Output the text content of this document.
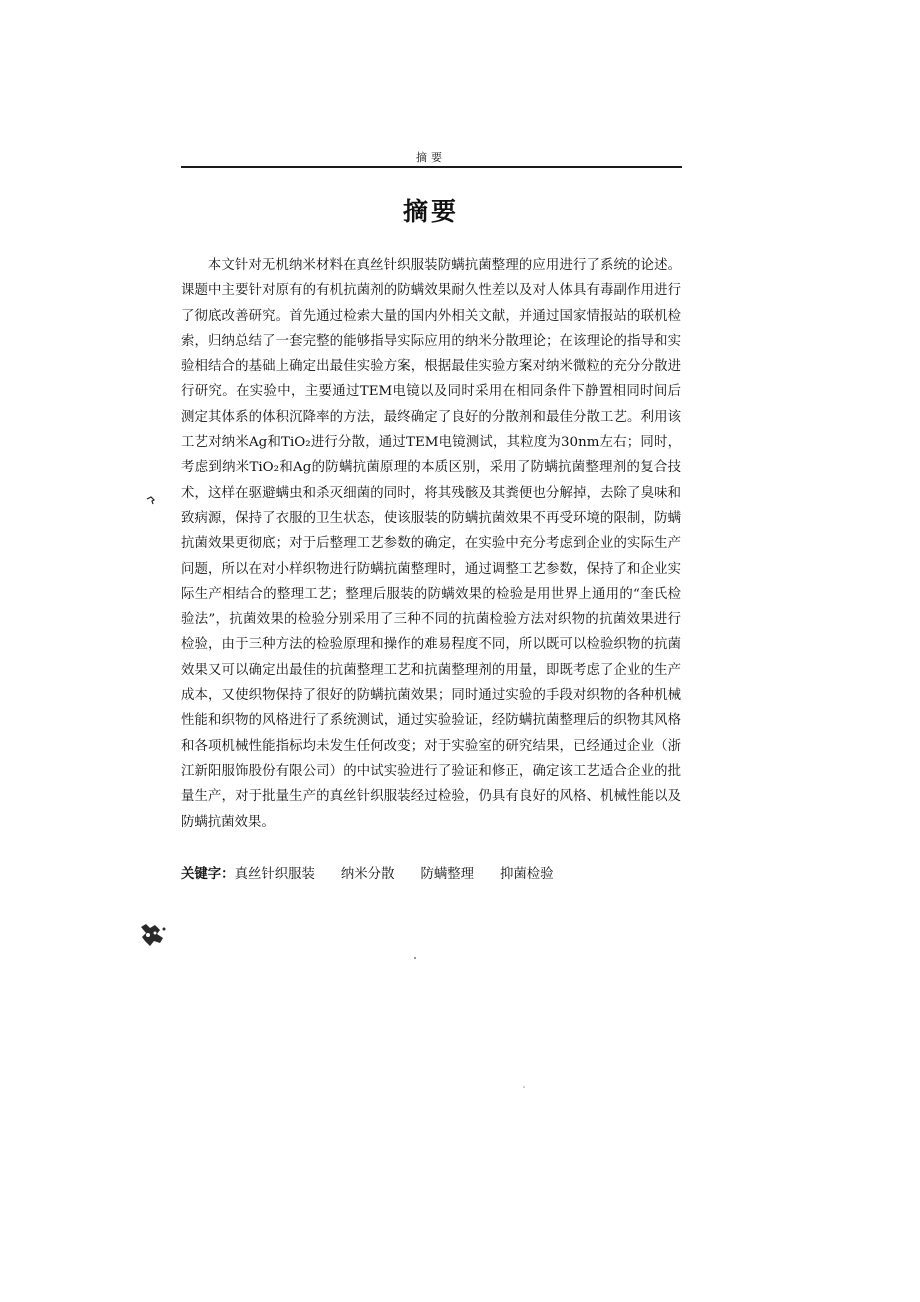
摘要
摘要

本文针对无机纳米材料在真丝针织服装防螨抗菌整理的应用进行了系统的论述。课题中主要针对原有的有机抗菌剂的防螨效果耐久性差以及对人体具有毒副作用进行了彻底改善研究。首先通过检索大量的国内外相关文献，并通过国家情报站的联机检索，归纳总结了一套完整的能够指导实际应用的纳米分散理论；在该理论的指导和实验相结合的基础上确定出最佳实验方案，根据最佳实验方案对纳米微粒的充分分散进行研究。在实验中，主要通过TEM电镜以及同时采用在相同条件下静置相同时间后测定其体系的体积沉降率的方法，最终确定了良好的分散剂和最佳分散工艺。利用该工艺对纳米Ag和TiO₂进行分散，通过TEM电镜测试，其粒度为30nm左右；同时，考虑到纳米TiO₂和Ag的防螨抗菌原理的本质区别，采用了防螨抗菌整理剂的复合技术，这样在驱避螨虫和杀灭细菌的同时，将其残骸及其粪便也分解掉，去除了臭味和致病源，保持了衣服的卫生状态，使该服装的防螨抗菌效果不再受环境的限制，防螨抗菌效果更彻底；对于后整理工艺参数的确定，在实验中充分考虑到企业的实际生产问题，所以在对小样织物进行防螨抗菌整理时，通过调整工艺参数，保持了和企业实际生产相结合的整理工艺；整理后服装的防螨效果的检验是用世界上通用的“奎氏检验法”，抗菌效果的检验分别采用了三种不同的抗菌检验方法对织物的抗菌效果进行检验，由于三种方法的检验原理和操作的难易程度不同，所以既可以检验织物的抗菌效果又可以确定出最佳的抗菌整理工艺和抗菌整理剂的用量，即既考虑了企业的生产成本，又使织物保持了很好的防螨抗菌效果；同时通过实验的手段对织物的各种机械性能和织物的风格进行了系统测试，通过实验验证，经防螨抗菌整理后的织物其风格和各项机械性能指标均未发生任何改变；对于实验室的研究结果，已经通过企业（浙江新阳服饰股份有限公司）的中试实验进行了验证和修正，确定该工艺适合企业的批量生产，对于批量生产的真丝针织服装经过检验，仍具有良好的风格、机械性能以及防螨抗菌效果。

关键字：真丝针织服装 纳米分散 防螨整理 抑菌检验
